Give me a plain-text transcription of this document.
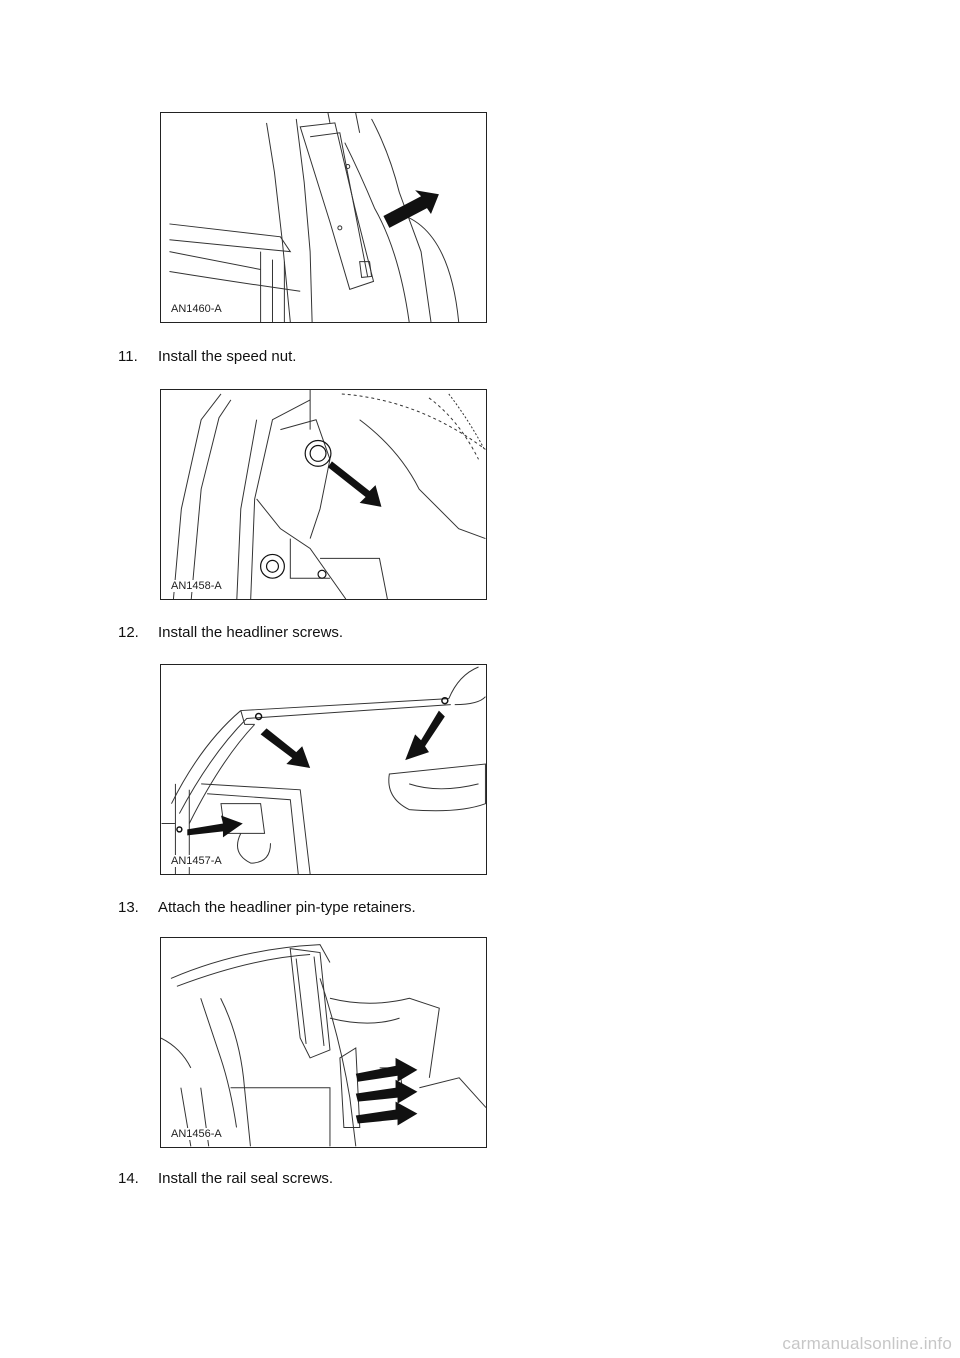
AN1460-A
11. Install the speed nut.
AN1458-A
12. Install the headliner screws.
AN1457-A
13. Attach the headliner pin-type retainers.
AN1456-A
14. Install the rail seal screws.
carmanualsonline.info
